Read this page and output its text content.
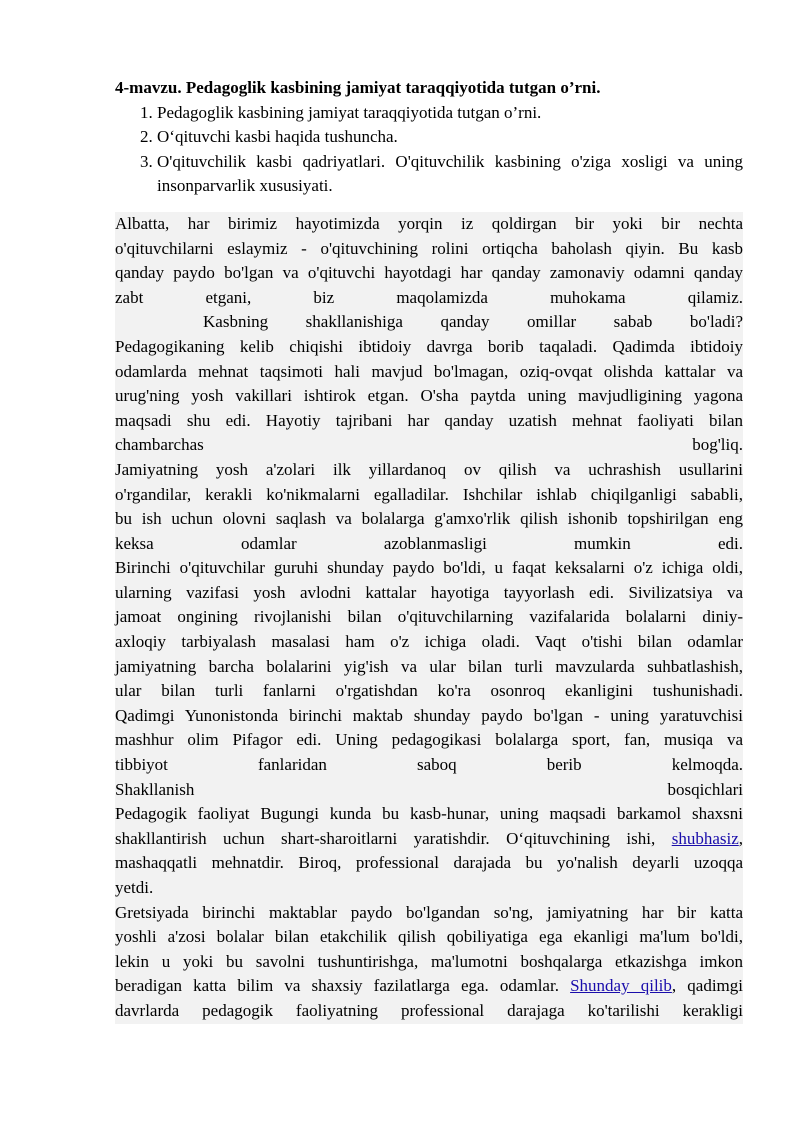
4-mavzu. Pedagoglik kasbining jamiyat taraqqiyotida tutgan o’rni.

1. Pedagoglik kasbining jamiyat taraqqiyotida tutgan o’rni.
2. O‘qituvchi kasbi haqida tushuncha.
3. O'qituvchilik kasbi qadriyatlari. O'qituvchilik kasbining o'ziga xosligi va uning insonparvarlik xususiyati.
Albatta, har birimiz hayotimizda yorqin iz qoldirgan bir yoki bir nechta
o'qituvchilarni eslaymiz - o'qituvchining rolini ortiqcha baholash qiyin. Bu kasb
qanday paydo bo'lgan va o'qituvchi hayotdagi har qanday zamonaviy odamni qanday
zabt etgani, biz maqolamizda muhokama qilamiz.
Kasbning shakllanishiga qanday omillar sabab bo'ladi?
Pedagogikaning kelib chiqishi ibtidoiy davrga borib taqaladi. Qadimda ibtidoiy
odamlarda mehnat taqsimoti hali mavjud bo'lmagan, oziq-ovqat olishda kattalar va
urug'ning yosh vakillari ishtirok etgan. O'sha paytda uning mavjudligining yagona
maqsadi shu edi. Hayotiy tajribani har qanday uzatish mehnat faoliyati bilan
chambarchas bog'liq.
Jamiyatning yosh a'zolari ilk yillardanoq ov qilish va uchrashish usullarini
o'rgandilar, kerakli ko'nikmalarni egalladilar. Ishchilar ishlab chiqilganligi sababli,
bu ish uchun olovni saqlash va bolalarga g'amxo'rlik qilish ishonib topshirilgan eng
keksa odamlar azoblanmasligi mumkin edi.
Birinchi o'qituvchilar guruhi shunday paydo bo'ldi, u faqat keksalarni o'z ichiga oldi,
ularning vazifasi yosh avlodni kattalar hayotiga tayyorlash edi. Sivilizatsiya va
jamoat ongining rivojlanishi bilan o'qituvchilarning vazifalarida bolalarni diniy-
axloqiy tarbiyalash masalasi ham o'z ichiga oladi. Vaqt o'tishi bilan odamlar
jamiyatning barcha bolalarini yig'ish va ular bilan turli mavzularda suhbatlashish,
ular bilan turli fanlarni o'rgatishdan ko'ra osonroq ekanligini tushunishadi.
Qadimgi Yunonistonda birinchi maktab shunday paydo bo'lgan - uning yaratuvchisi
mashhur olim Pifagor edi. Uning pedagogikasi bolalarga sport, fan, musiqa va
tibbiyot fanlaridan saboq berib kelmoqda.
Shakllanish bosqichlari
Pedagogik faoliyat Bugungi kunda bu kasb-hunar, uning maqsadi barkamol shaxsni
shakllantirish uchun shart-sharoitlarni yaratishdir. O‘qituvchining ishi, shubhasiz,
mashaqqatli mehnatdir. Biroq, professional darajada bu yo'nalish deyarli uzoqqa
yetdi.
Gretsiyada birinchi maktablar paydo bo'lgandan so'ng, jamiyatning har bir katta
yoshli a'zosi bolalar bilan etakchilik qilish qobiliyatiga ega ekanligi ma'lum bo'ldi,
lekin u yoki bu savolni tushuntirishga, ma'lumotni boshqalarga etkazishga imkon
beradigan katta bilim va shaxsiy fazilatlarga ega. odamlar. Shunday qilib, qadimgi
davrlarda pedagogik faoliyatning professional darajaga ko'tarilishi kerakligi
